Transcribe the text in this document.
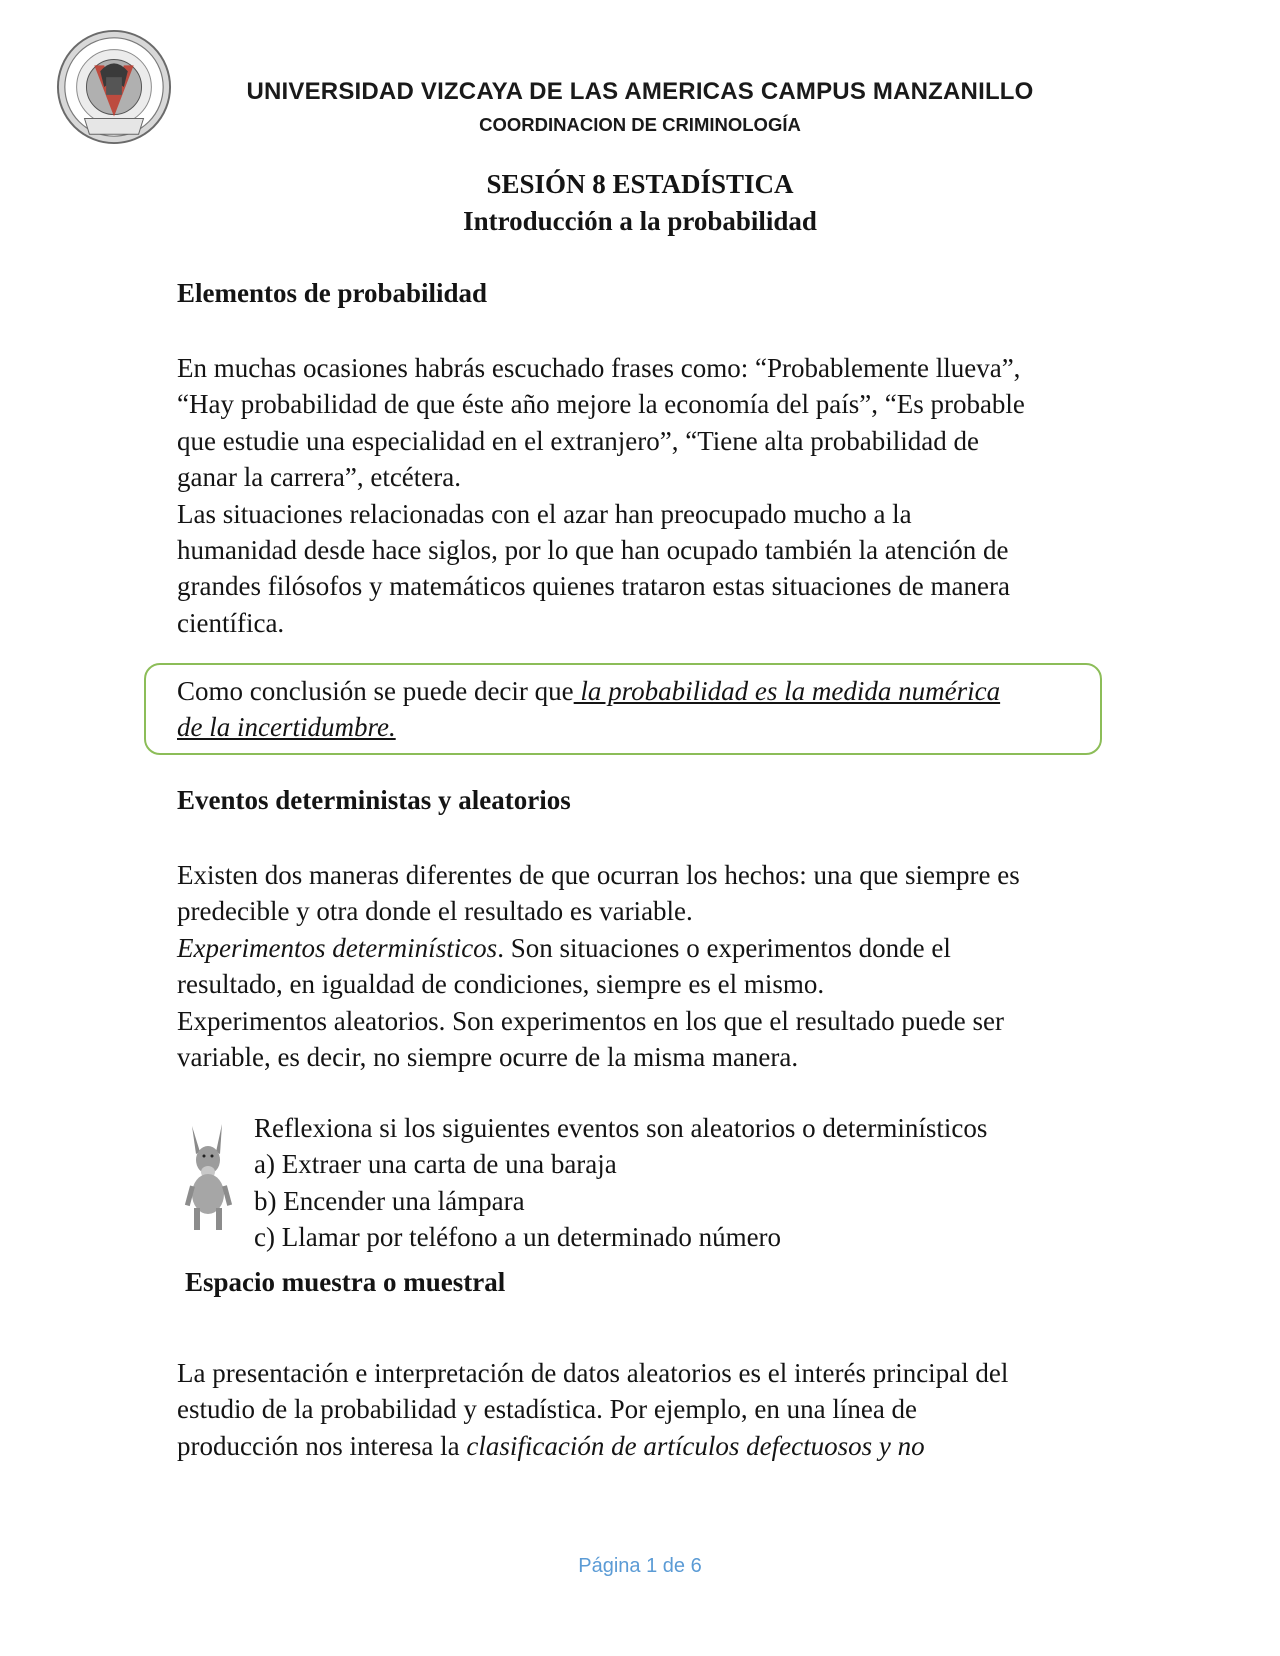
UNIVERSIDAD VIZCAYA DE LAS AMERICAS CAMPUS MANZANILLO
COORDINACION DE CRIMINOLOGÍA
SESIÓN 8 ESTADÍSTICA
Introducción a la probabilidad
Elementos de probabilidad
En muchas ocasiones habrás escuchado frases como: “Probablemente llueva”,
“Hay probabilidad de que éste año mejore la economía del país”, “Es probable
que estudie una especialidad en el extranjero”, “Tiene alta probabilidad de
ganar la carrera”, etcétera.
Las situaciones relacionadas con el azar han preocupado mucho a la
humanidad desde hace siglos, por lo que han ocupado también la atención de
grandes filósofos y matemáticos quienes trataron estas situaciones de manera
científica.
Como conclusión se puede decir que la probabilidad es la medida numérica
de la incertidumbre.
Eventos deterministas y aleatorios
Existen dos maneras diferentes de que ocurran los hechos: una que siempre es
predecible y otra donde el resultado es variable.
Experimentos determinísticos. Son situaciones o experimentos donde el
resultado, en igualdad de condiciones, siempre es el mismo.
Experimentos aleatorios. Son experimentos en los que el resultado puede ser
variable, es decir, no siempre ocurre de la misma manera.
Reflexiona si los siguientes eventos son aleatorios o determinísticos
a) Extraer una carta de una baraja
b) Encender una lámpara
c) Llamar por teléfono a un determinado número
Espacio muestra o muestral
La presentación e interpretación de datos aleatorios es el interés principal del
estudio de la probabilidad y estadística. Por ejemplo, en una línea de
producción nos interesa la clasificación de artículos defectuosos y no
Página 1 de 6
